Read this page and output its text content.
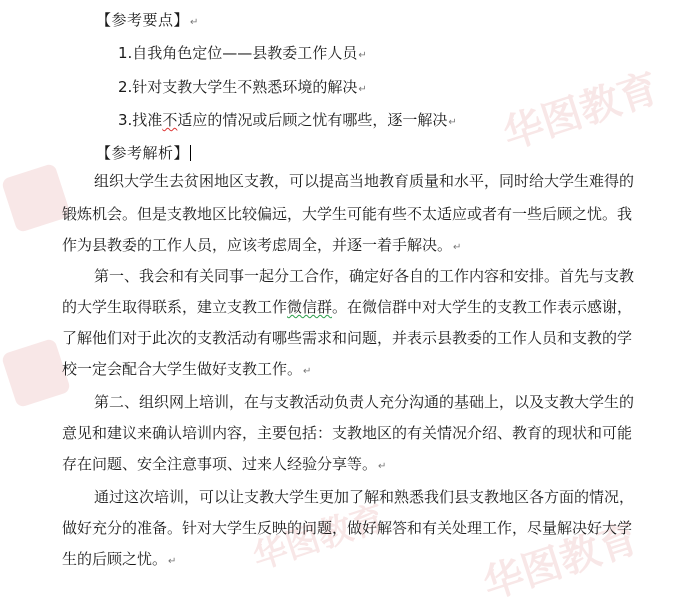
华图教育
华图教育
华图教育
【参考要点】↵
1.自我角色定位——县教委工作人员↵
2.针对支教大学生不熟悉环境的解决↵
3.找准不适应的情况或后顾之忧有哪些，逐一解决↵
【参考解析】
组织大学生去贫困地区支教，可以提高当地教育质量和水平，同时给大学生难得的
锻炼机会。但是支教地区比较偏远，大学生可能有些不太适应或者有一些后顾之忧。我
作为县教委的工作人员，应该考虑周全，并逐一着手解决。↵
第一、我会和有关同事一起分工合作，确定好各自的工作内容和安排。首先与支教
的大学生取得联系，建立支教工作微信群。在微信群中对大学生的支教工作表示感谢，
了解他们对于此次的支教活动有哪些需求和问题，并表示县教委的工作人员和支教的学
校一定会配合大学生做好支教工作。↵
第二、组织网上培训，在与支教活动负责人充分沟通的基础上，以及支教大学生的
意见和建议来确认培训内容，主要包括：支教地区的有关情况介绍、教育的现状和可能
存在问题、安全注意事项、过来人经验分享等。↵
通过这次培训，可以让支教大学生更加了解和熟悉我们县支教地区各方面的情况，
做好充分的准备。针对大学生反映的问题，做好解答和有关处理工作，尽量解决好大学
生的后顾之忧。↵
